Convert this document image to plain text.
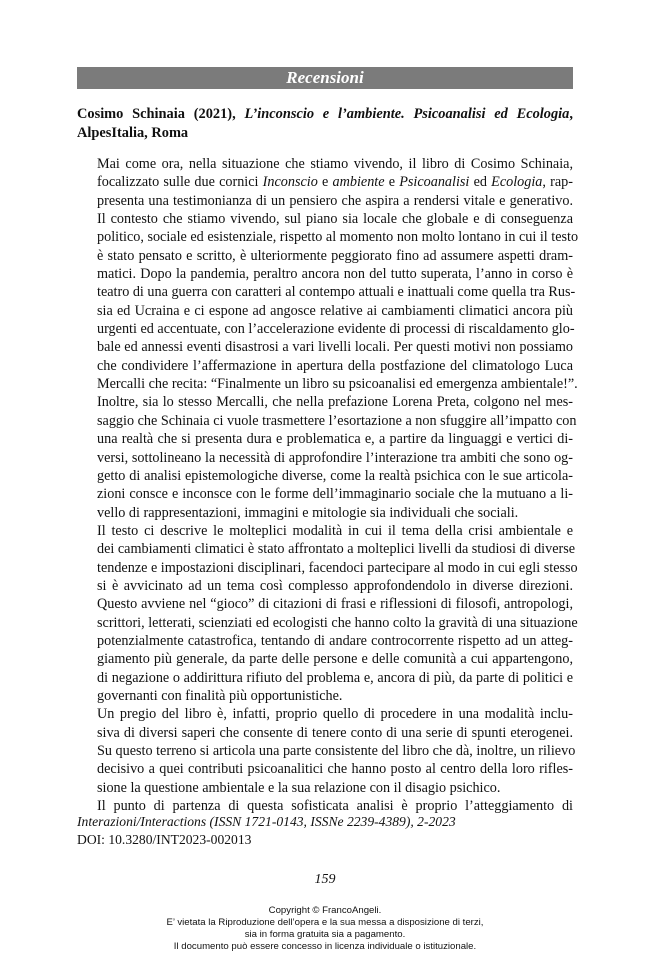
Recensioni
Cosimo Schinaia (2021), L’inconscio e l’ambiente. Psicoanalisi ed Ecologia, AlpesItalia, Roma

Mai come ora, nella situazione che stiamo vivendo, il libro di Cosimo Schinaia,
focalizzato sulle due cornici Inconscio e ambiente e Psicoanalisi ed Ecologia, rap-
presenta una testimonianza di un pensiero che aspira a rendersi vitale e generativo.
Il contesto che stiamo vivendo, sul piano sia locale che globale e di conseguenza
politico, sociale ed esistenziale, rispetto al momento non molto lontano in cui il testo
è stato pensato e scritto, è ulteriormente peggiorato fino ad assumere aspetti dram-
matici. Dopo la pandemia, peraltro ancora non del tutto superata, l’anno in corso è
teatro di una guerra con caratteri al contempo attuali e inattuali come quella tra Rus-
sia ed Ucraina e ci espone ad angosce relative ai cambiamenti climatici ancora più
urgenti ed accentuate, con l’accelerazione evidente di processi di riscaldamento glo-
bale ed annessi eventi disastrosi a vari livelli locali. Per questi motivi non possiamo
che condividere l’affermazione in apertura della postfazione del climatologo Luca
Mercalli che recita: “Finalmente un libro su psicoanalisi ed emergenza ambientale!”.
Inoltre, sia lo stesso Mercalli, che nella prefazione Lorena Preta, colgono nel mes-
saggio che Schinaia ci vuole trasmettere l’esortazione a non sfuggire all’impatto con
una realtà che si presenta dura e problematica e, a partire da linguaggi e vertici di-
versi, sottolineano la necessità di approfondire l’interazione tra ambiti che sono og-
getto di analisi epistemologiche diverse, come la realtà psichica con le sue articola-
zioni consce e inconsce con le forme dell’immaginario sociale che la mutuano a li-
vello di rappresentazioni, immagini e mitologie sia individuali che sociali.

Il testo ci descrive le molteplici modalità in cui il tema della crisi ambientale e
dei cambiamenti climatici è stato affrontato a molteplici livelli da studiosi di diverse
tendenze e impostazioni disciplinari, facendoci partecipare al modo in cui egli stesso
si è avvicinato ad un tema così complesso approfondendolo in diverse direzioni.
Questo avviene nel “gioco” di citazioni di frasi e riflessioni di filosofi, antropologi,
scrittori, letterati, scienziati ed ecologisti che hanno colto la gravità di una situazione
potenzialmente catastrofica, tentando di andare controcorrente rispetto ad un atteg-
giamento più generale, da parte delle persone e delle comunità a cui appartengono,
di negazione o addirittura rifiuto del problema e, ancora di più, da parte di politici e
governanti con finalità più opportunistiche.

Un pregio del libro è, infatti, proprio quello di procedere in una modalità inclu-
siva di diversi saperi che consente di tenere conto di una serie di spunti eterogenei.
Su questo terreno si articola una parte consistente del libro che dà, inoltre, un rilievo
decisivo a quei contributi psicoanalitici che hanno posto al centro della loro rifles-
sione la questione ambientale e la sua relazione con il disagio psichico.

Il punto di partenza di questa sofisticata analisi è proprio l’atteggiamento di

Interazioni/Interactions (ISSN 1721-0143, ISSNe 2239-4389), 2-2023
DOI: 10.3280/INT2023-002013
159
Copyright © FrancoAngeli.
E’ vietata la Riproduzione dell’opera e la sua messa a disposizione di terzi,
sia in forma gratuita sia a pagamento.
Il documento può essere concesso in licenza individuale o istituzionale.
